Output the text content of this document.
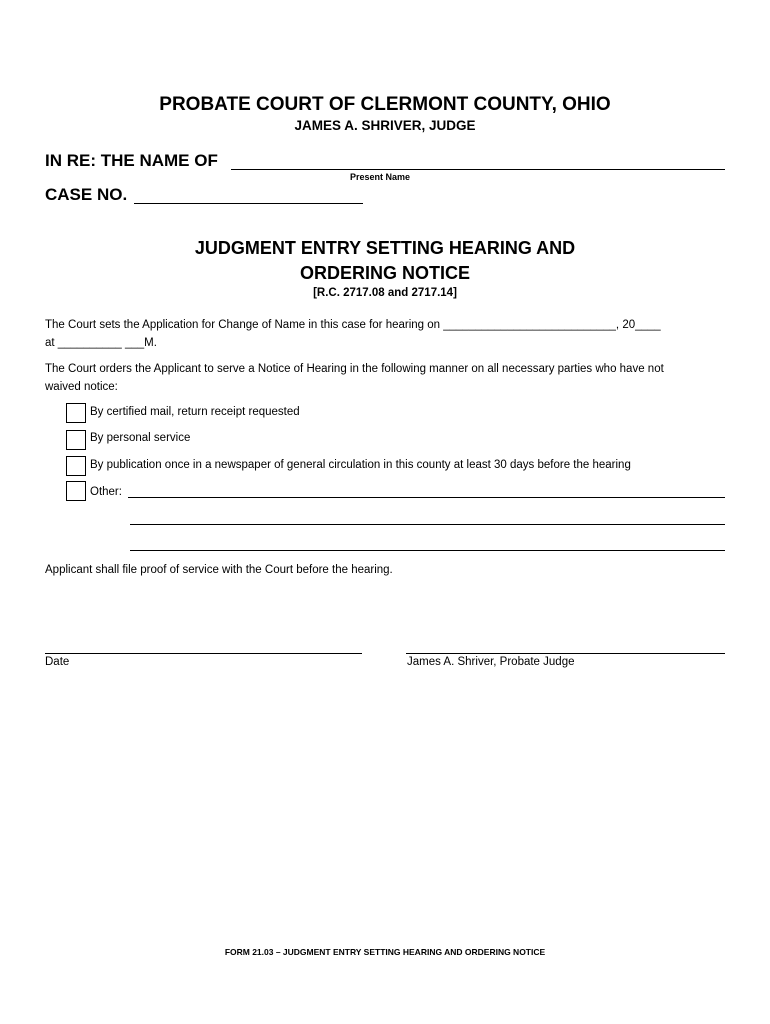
PROBATE COURT OF CLERMONT COUNTY, OHIO
JAMES A. SHRIVER, JUDGE
IN RE: THE NAME OF
Present Name
CASE NO.
JUDGMENT ENTRY SETTING HEARING AND
ORDERING NOTICE
[R.C. 2717.08 and 2717.14]
The Court sets the Application for Change of Name in this case for hearing on ___________________________, 20____
at __________ ___M.
The Court orders the Applicant to serve a Notice of Hearing in the following manner on all necessary parties who have not
waived notice:
By certified mail, return receipt requested
By personal service
By publication once in a newspaper of general circulation in this county at least 30 days before the hearing
Other:
Applicant shall file proof of service with the Court before the hearing.
Date	James A. Shriver, Probate Judge
FORM 21.03 – JUDGMENT ENTRY SETTING HEARING AND ORDERING NOTICE
